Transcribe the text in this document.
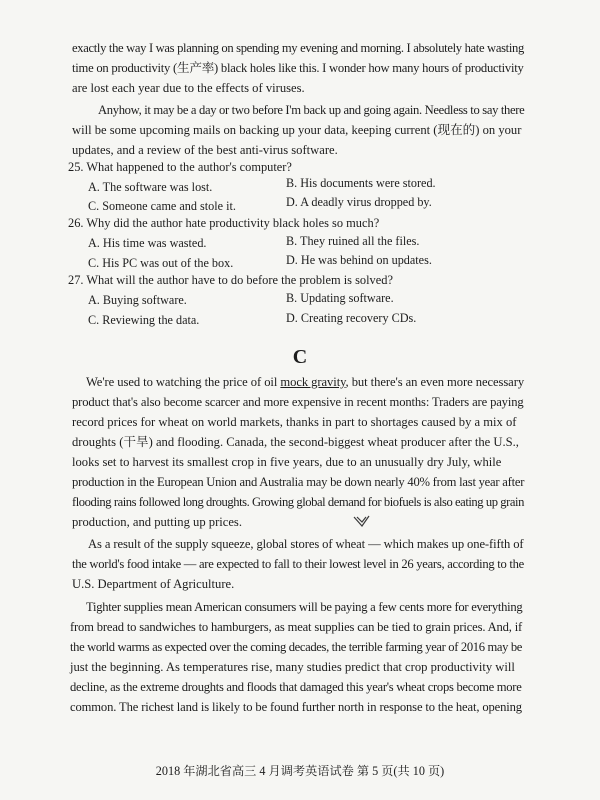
exactly the way I was planning on spending my evening and morning. I absolutely hate wasting
time on productivity (生产率) black holes like this. I wonder how many hours of productivity
are lost each year due to the effects of viruses.
Anyhow, it may be a day or two before I'm back up and going again. Needless to say there
will be some upcoming mails on backing up your data, keeping current (现在的) on your
updates, and a review of the best anti-virus software.
25. What happened to the author's computer?
A. The software was lost.	B. His documents were stored.
C. Someone came and stole it.	D. A deadly virus dropped by.
26. Why did the author hate productivity black holes so much?
A. His time was wasted.	B. They ruined all the files.
C. His PC was out of the box.	D. He was behind on updates.
27. What will the author have to do before the problem is solved?
A. Buying software.	B. Updating software.
C. Reviewing the data.	D. Creating recovery CDs.
C
We're used to watching the price of oil mock gravity, but there's an even more necessary
product that's also become scarcer and more expensive in recent months: Traders are paying
record prices for wheat on world markets, thanks in part to shortages caused by a mix of
droughts (干旱) and flooding. Canada, the second-biggest wheat producer after the U.S.,
looks set to harvest its smallest crop in five years, due to an unusually dry July, while
production in the European Union and Australia may be down nearly 40% from last year after
flooding rains followed long droughts. Growing global demand for biofuels is also eating up grain
production, and putting up prices.
As a result of the supply squeeze, global stores of wheat — which makes up one-fifth of
the world's food intake — are expected to fall to their lowest level in 26 years, according to the
U.S. Department of Agriculture.
Tighter supplies mean American consumers will be paying a few cents more for everything
from bread to sandwiches to hamburgers, as meat supplies can be tied to grain prices. And, if
the world warms as expected over the coming decades, the terrible farming year of 2016 may be
just the beginning. As temperatures rise, many studies predict that crop productivity will
decline, as the extreme droughts and floods that damaged this year's wheat crops become more
common. The richest land is likely to be found further north in response to the heat, opening
2018 年湖北省高三 4 月调考英语试卷 第 5 页(共 10 页)
